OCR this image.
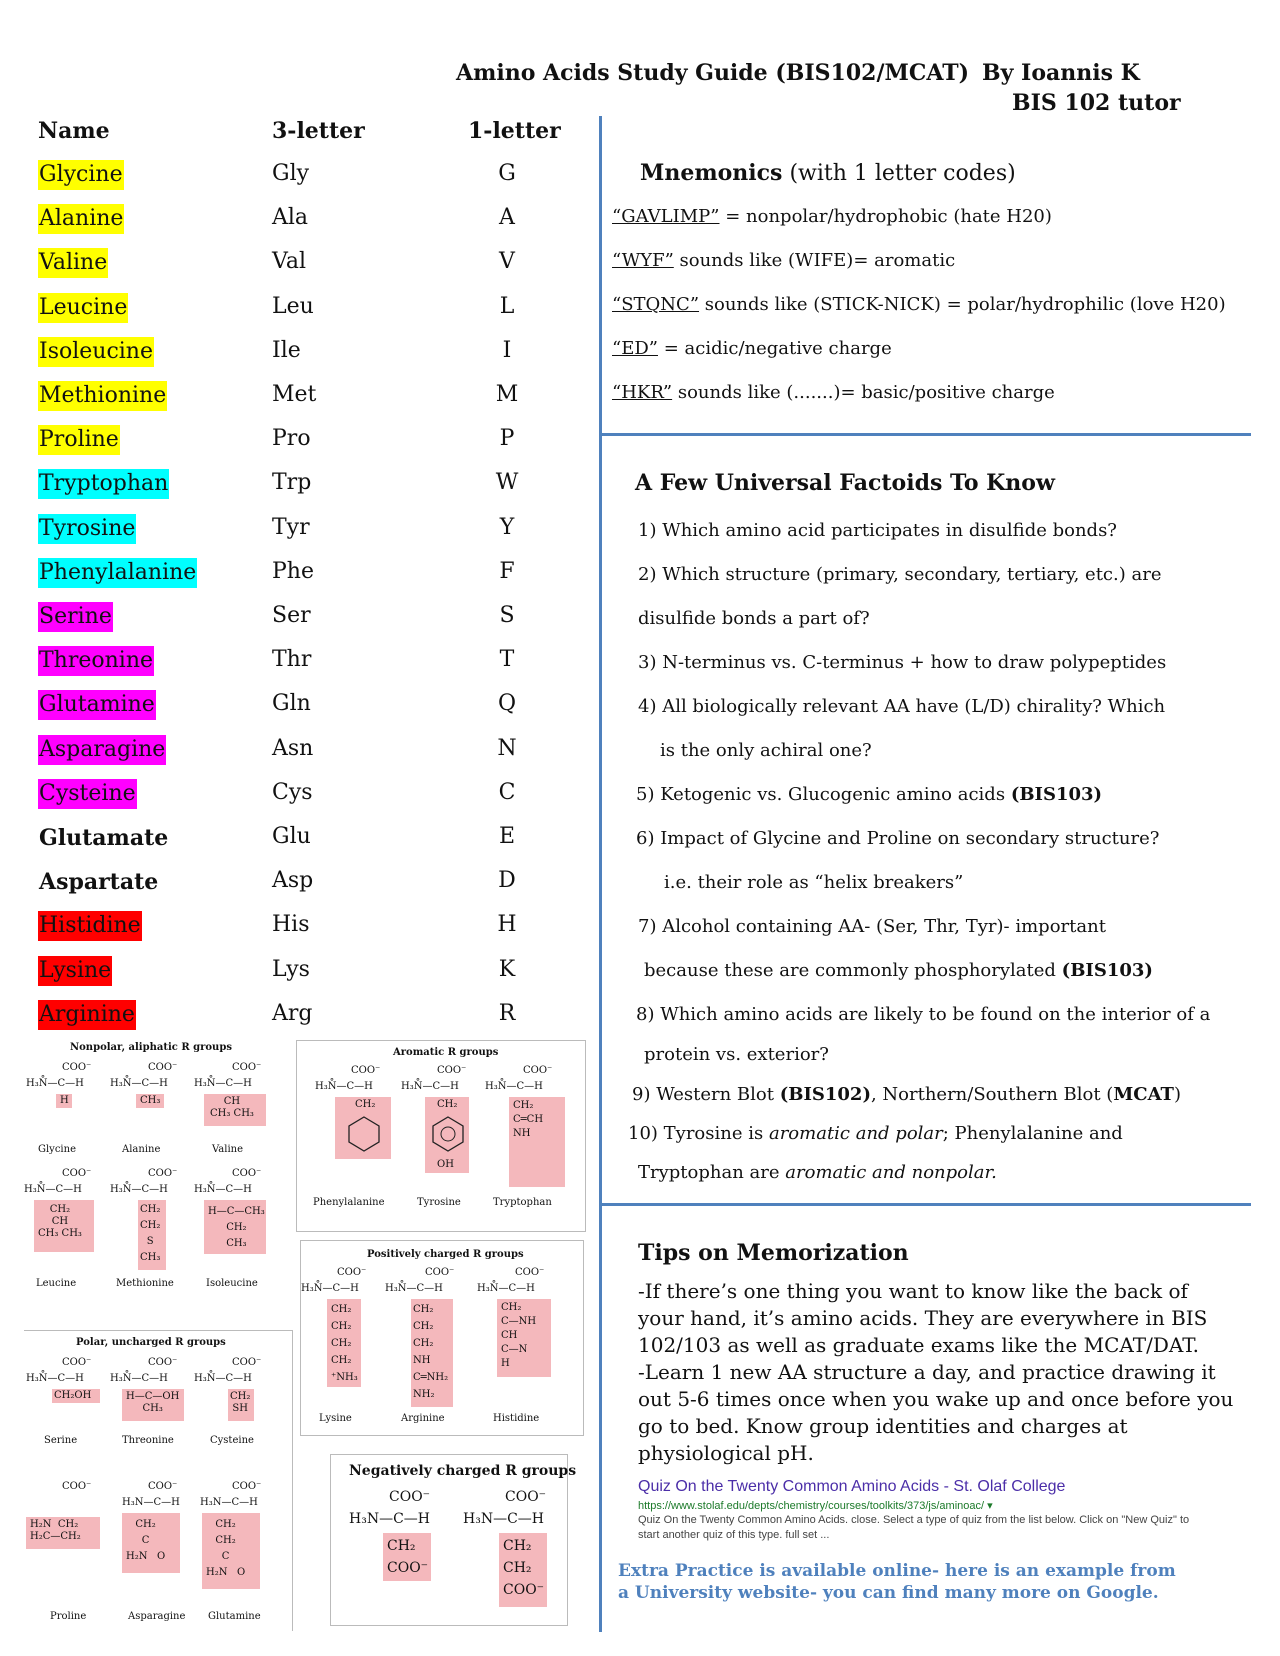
Amino Acids Study Guide (BIS102/MCAT) By Ioannis K
BIS 102 tutor
Name	3-letter	1-letter
Glycine	Gly	G
Alanine	Ala	A
Valine	Val	V
Leucine	Leu	L
Isoleucine	Ile	I
Methionine	Met	M
Proline	Pro	P
Tryptophan	Trp	W
Tyrosine	Tyr	Y
Phenylalanine	Phe	F
Serine	Ser	S
Threonine	Thr	T
Glutamine	Gln	Q
Asparagine	Asn	N
Cysteine	Cys	C
Glutamate	Glu	E
Aspartate	Asp	D
Histidine	His	H
Lysine	Lys	K
Arginine	Arg	R
Mnemonics (with 1 letter codes)
“GAVLIMP” = nonpolar/hydrophobic (hate H20)
“WYF” sounds like (WIFE)= aromatic
“STQNC” sounds like (STICK-NICK) = polar/hydrophilic (love H20)
“ED” = acidic/negative charge
“HKR” sounds like (.......)= basic/positive charge
A Few Universal Factoids To Know
1) Which amino acid participates in disulfide bonds?
2) Which structure (primary, secondary, tertiary, etc.) are
disulfide bonds a part of?
3) N-terminus vs. C-terminus + how to draw polypeptides
4) All biologically relevant AA have (L/D) chirality? Which
is the only achiral one?
5) Ketogenic vs. Glucogenic amino acids (BIS103)
6) Impact of Glycine and Proline on secondary structure?
i.e. their role as “helix breakers”
7) Alcohol containing AA- (Ser, Thr, Tyr)- important
because these are commonly phosphorylated (BIS103)
8) Which amino acids are likely to be found on the interior of a
protein vs. exterior?
9) Western Blot (BIS102), Northern/Southern Blot (MCAT)
10) Tyrosine is aromatic and polar; Phenylalanine and
Tryptophan are aromatic and nonpolar.
Tips on Memorization
-If there’s one thing you want to know like the back of your hand, it’s amino acids. They are everywhere in BIS 102/103 as well as graduate exams like the MCAT/DAT.
-Learn 1 new AA structure a day, and practice drawing it out 5-6 times once when you wake up and once before you go to bed. Know group identities and charges at physiological pH.
Quiz On the Twenty Common Amino Acids - St. Olaf College
https://www.stolaf.edu/depts/chemistry/courses/toolkits/373/js/aminoac/ ▾
Quiz On the Twenty Common Amino Acids. close. Select a type of quiz from the list below. Click on "New Quiz" to start another quiz of this type. full set ...
Extra Practice is available online- here is an example from a University website- you can find many more on Google.
Nonpolar, aliphatic R groups
COO⁻
H₃N̊—C—H
H
Glycine
COO⁻
H₃N̊—C—H
CH₃
Alanine
COO⁻
H₃N̊—C—H
CH
CH₃ CH₃
Valine
COO⁻
H₃N̊—C—H
CH₂
CH
CH₃ CH₃
Leucine
COO⁻
H₃N̊—C—H
CH₂
CH₂
S
CH₃
Methionine
COO⁻
H₃N̊—C—H
H—C—CH₃
CH₂
CH₃
Isoleucine
Polar, uncharged R groups
COO⁻
H₃N̊—C—H
CH₂OH
Serine
COO⁻
H₃N̊—C—H
H—C—OH
CH₃
Threonine
COO⁻
H₃N̊—C—H
CH₂
SH
Cysteine
COO⁻
H₂N  CH₂
H₂C—CH₂
Proline
COO⁻
H₃N—C—H
CH₂
C
H₂N   O
Asparagine
COO⁻
H₃N—C—H
CH₂
CH₂
C
H₂N   O
Glutamine
Aromatic R groups
COO⁻
H₃N̊—C—H
CH₂
Phenylalanine
COO⁻
H₃N̊—C—H
CH₂
OH
Tyrosine
COO⁻
H₃N̊—C—H
CH₂
C═CH
NH
Tryptophan
Positively charged R groups
COO⁻
H₃N̊—C—H
CH₂
CH₂
CH₂
CH₂
⁺NH₃
Lysine
COO⁻
H₃N̊—C—H
CH₂
CH₂
CH₂
NH
C═NH₂
NH₂
Arginine
COO⁻
H₃N̊—C—H
CH₂
C—NH
CH
C—N
H
Histidine
Negatively charged R groups
COO⁻
H₃N—C—H
CH₂
COO⁻
COO⁻
H₃N—C—H
CH₂
CH₂
COO⁻
